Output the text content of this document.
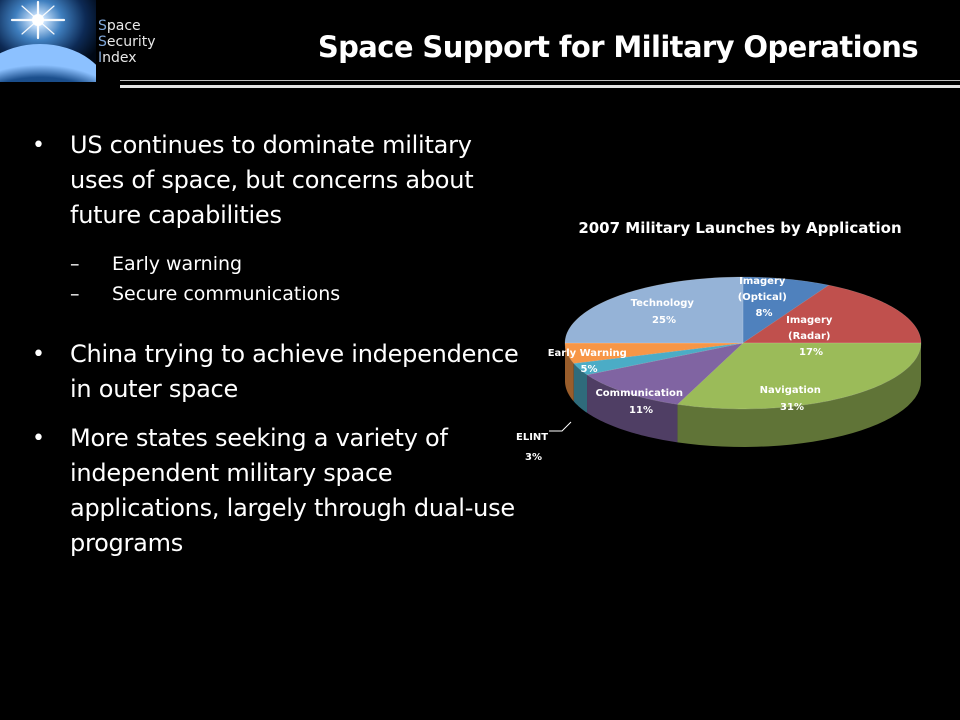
Space
Security
Index	Space Support for Military Operations
• US continues to dominate military uses of space, but concerns about future capabilities
– Early warning
– Secure communications
• China trying to achieve independence in outer space
• More states seeking a variety of independent military space applications, largely through dual-use programs
2007 Military Launches by Application
Imagery (Optical) 8%
Imagery (Radar) 17%
Navigation 31%
Communication 11%
Early Warning 5%
Technology 25%
ELINT 3%
